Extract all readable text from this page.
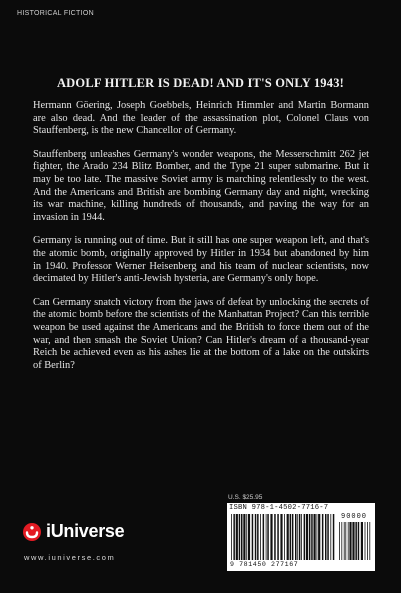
HISTORICAL FICTION
ADOLF HITLER IS DEAD! AND IT'S ONLY 1943!

Hermann Göering, Joseph Goebbels, Heinrich Himmler and Martin Bormann are also dead. And the leader of the assassination plot, Colonel Claus von Stauffenberg, is the new Chancellor of Germany.

Stauffenberg unleashes Germany's wonder weapons, the Messerschmitt 262 jet fighter, the Arado 234 Blitz Bomber, and the Type 21 super submarine. But it may be too late. The massive Soviet army is marching relentlessly to the west. And the Americans and British are bombing Germany day and night, wrecking its war machine, killing hundreds of thousands, and paving the way for an invasion in 1944.

Germany is running out of time. But it still has one super weapon left, and that's the atomic bomb, originally approved by Hitler in 1934 but abandoned by him in 1940. Professor Werner Heisenberg and his team of nuclear scientists, now decimated by Hitler's anti-Jewish hysteria, are Germany's only hope.

Can Germany snatch victory from the jaws of defeat by unlocking the secrets of the atomic bomb before the scientists of the Manhattan Project? Can this terrible weapon be used against the Americans and the British to force them out of the war, and then smash the Soviet Union? Can Hitler's dream of a thousand-year Reich be achieved even as his ashes lie at the bottom of a lake on the outskirts of Berlin?

U.S. $25.95
ISBN 978-1-4502-7716-7
90000
9 781450 277167
iUniverse
www.iuniverse.com
